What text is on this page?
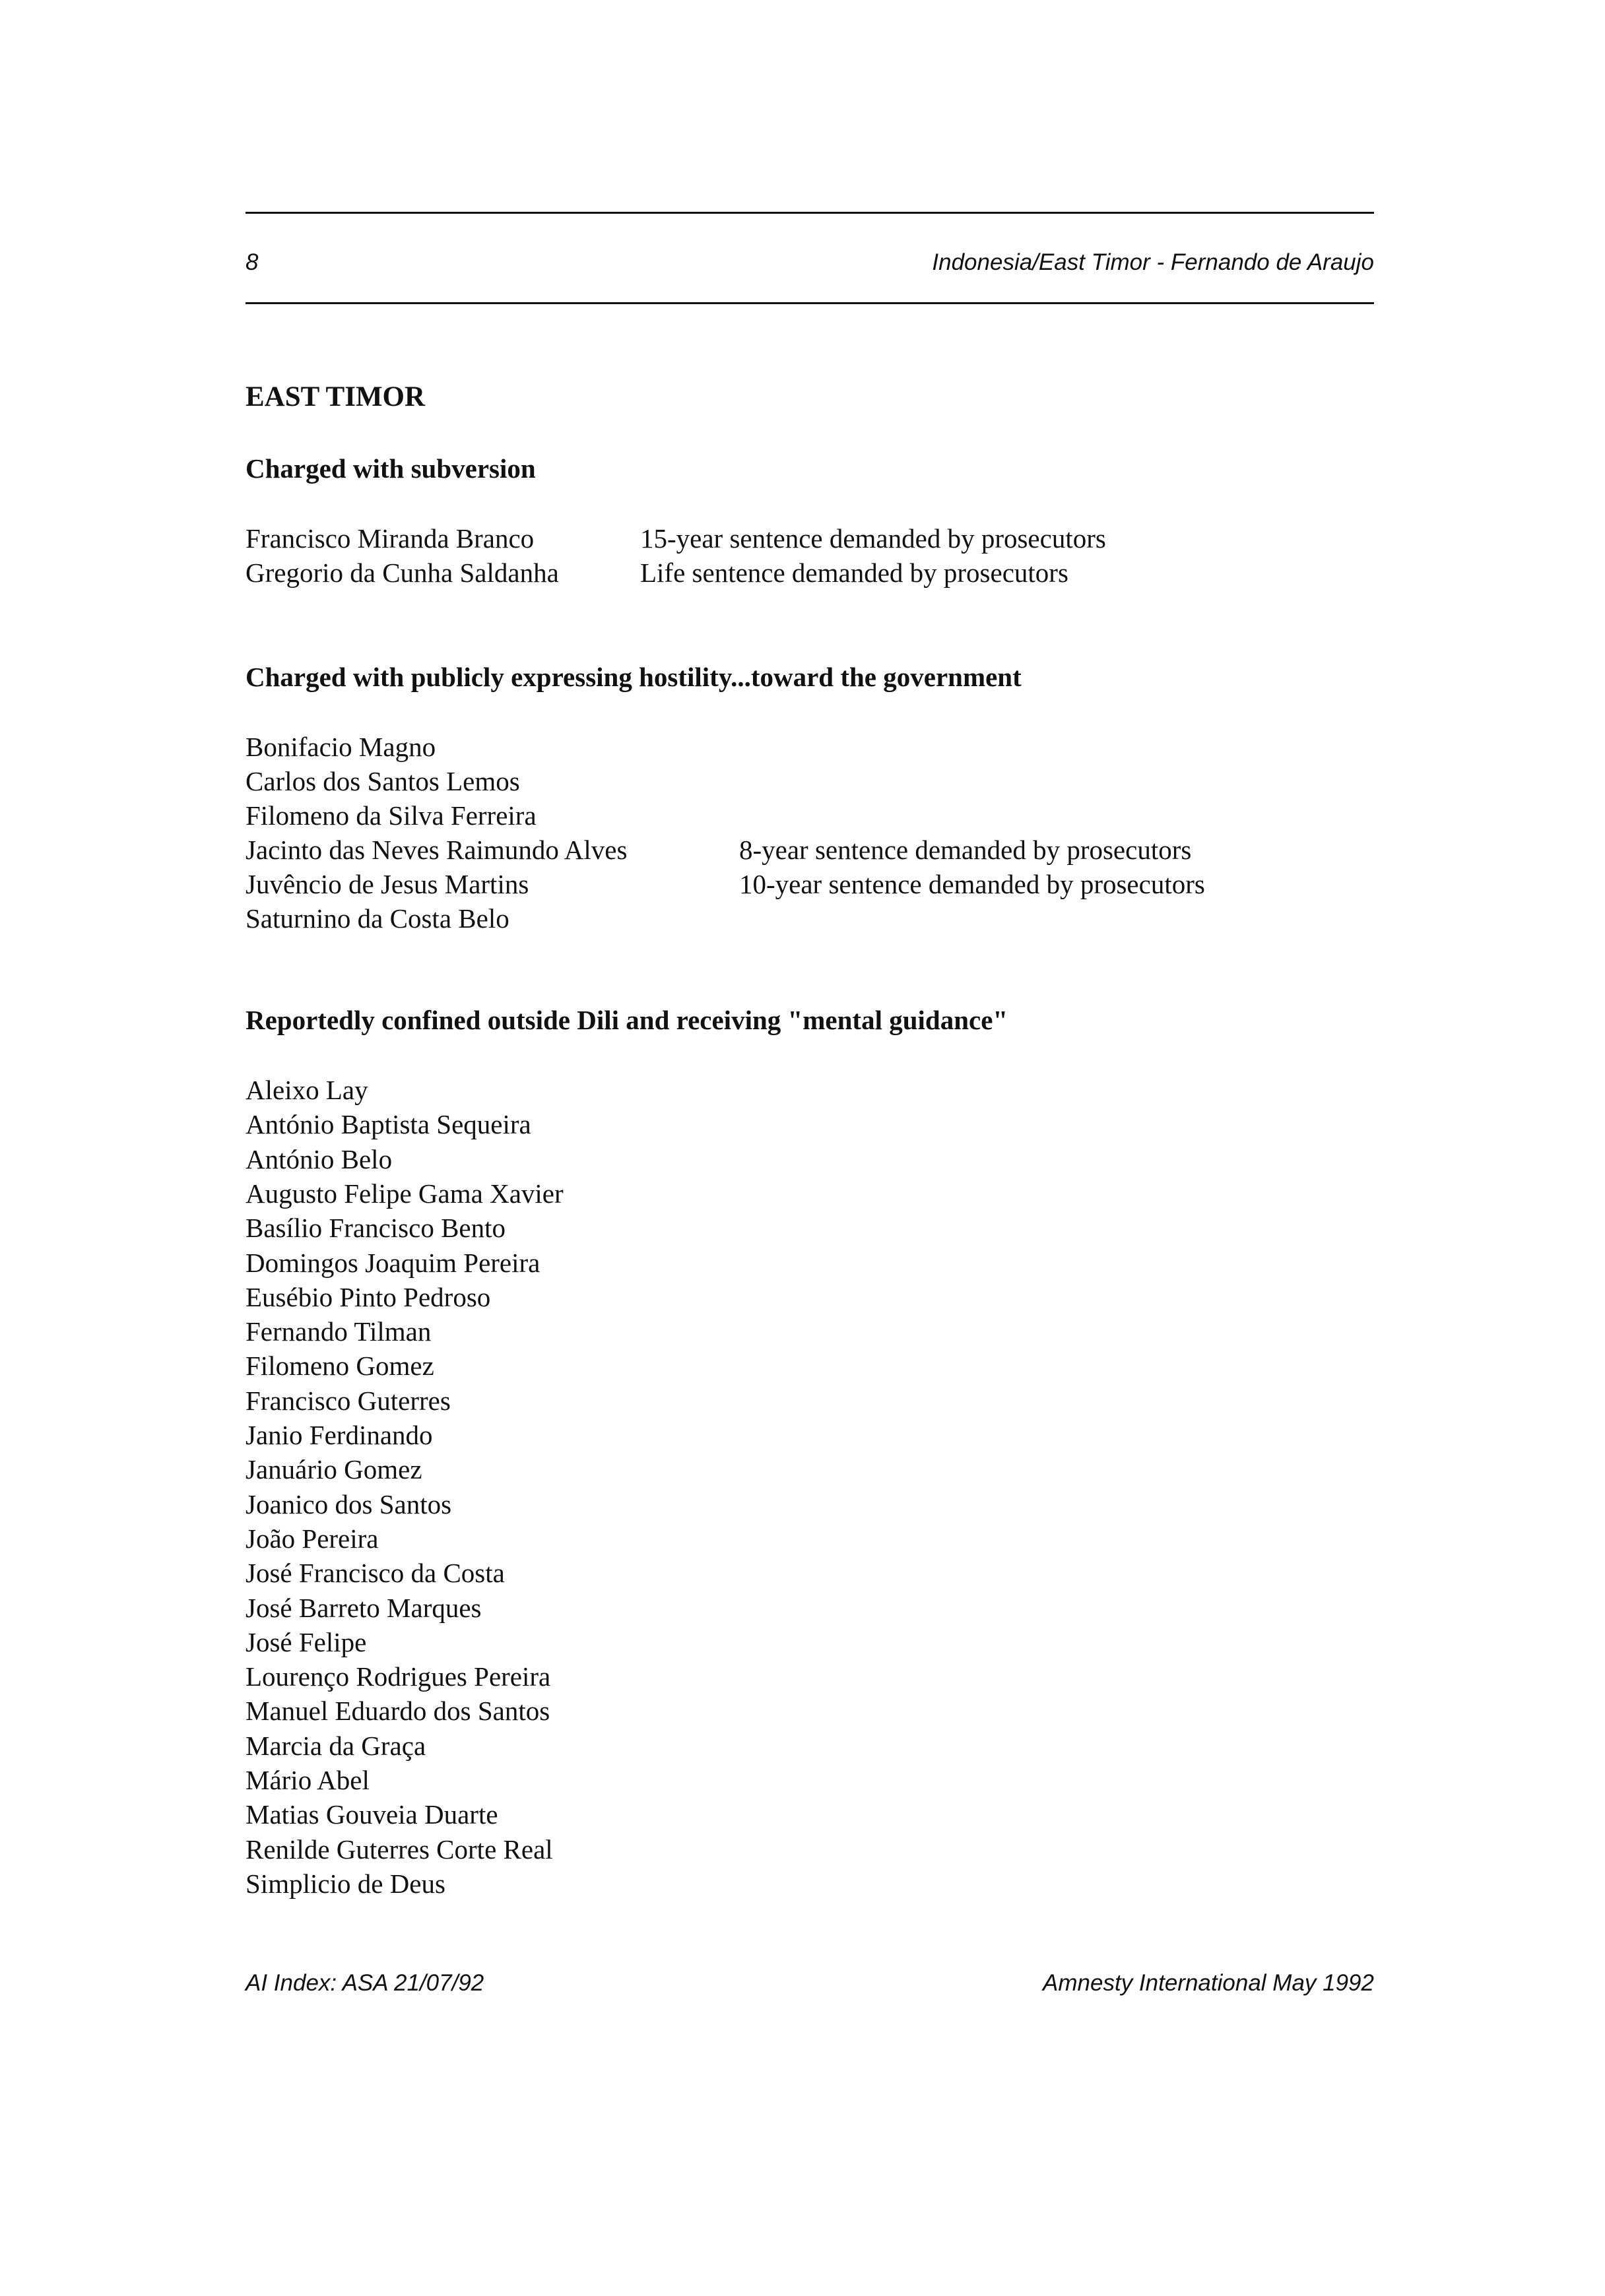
8	Indonesia/East Timor - Fernando de Araujo
EAST TIMOR
Charged with subversion
Francisco Miranda Branco	15-year sentence demanded by prosecutors
Gregorio da Cunha Saldanha	Life sentence demanded by prosecutors
Charged with publicly expressing hostility...toward the government
Bonifacio Magno
Carlos dos Santos Lemos
Filomeno da Silva Ferreira
Jacinto das Neves Raimundo Alves	8-year sentence demanded by prosecutors
Juvêncio de Jesus Martins	10-year sentence demanded by prosecutors
Saturnino da Costa Belo
Reportedly confined outside Dili and receiving "mental guidance"
Aleixo Lay
António Baptista Sequeira
António Belo
Augusto Felipe Gama Xavier
Basílio Francisco Bento
Domingos Joaquim Pereira
Eusébio Pinto Pedroso
Fernando Tilman
Filomeno Gomez
Francisco Guterres
Janio Ferdinando
Januário Gomez
Joanico dos Santos
João Pereira
José Francisco da Costa
José Barreto Marques
José Felipe
Lourenço Rodrigues Pereira
Manuel Eduardo dos Santos
Marcia da Graça
Mário Abel
Matias Gouveia Duarte
Renilde Guterres Corte Real
Simplicio de Deus
AI Index: ASA 21/07/92	Amnesty International May 1992
